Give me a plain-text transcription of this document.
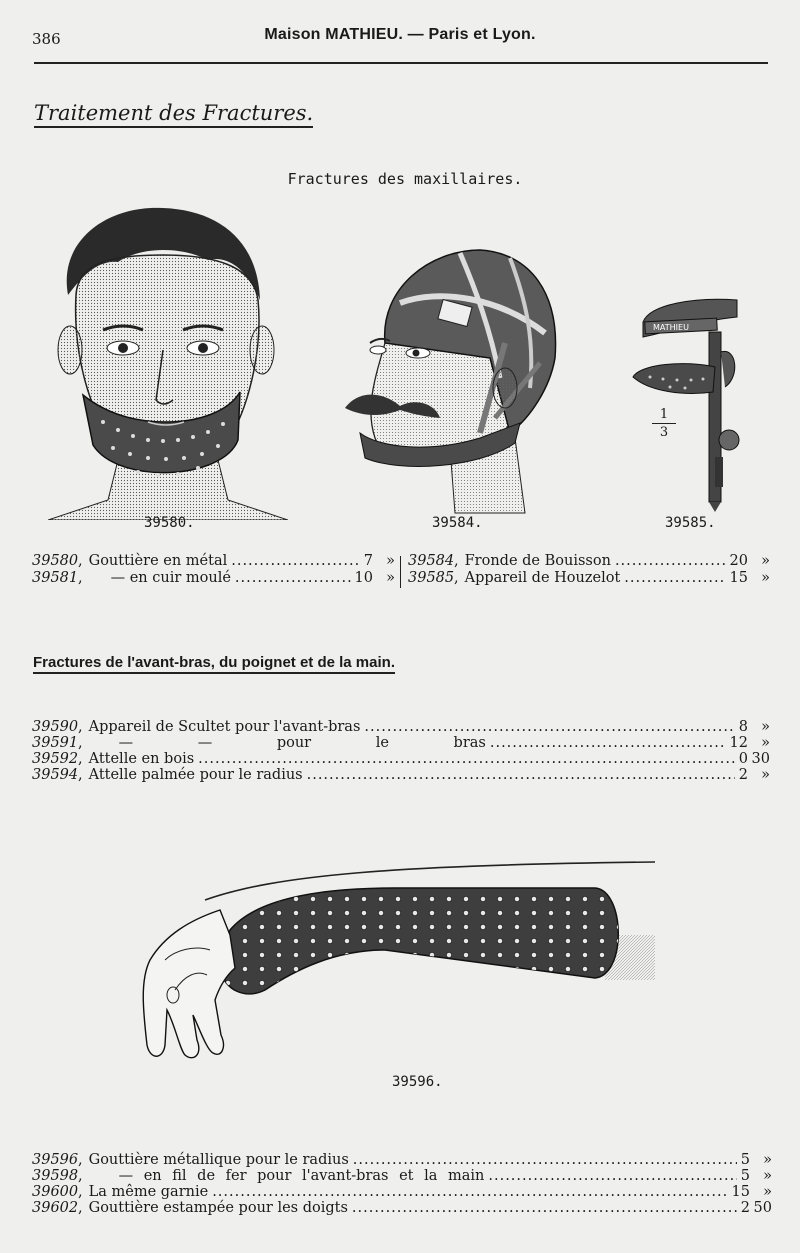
386	Maison MATHIEU. — Paris et Lyon.
Traitement des Fractures.
Fractures des maxillaires.
39580.	39584.
MATHIEU
1
3
39585.
39580 , Gouttière en métal .....	7 »
39581 ,	— en cuir moulé .....	10 »
39584 , Fronde de Bouisson .....	20 »
39585 , Appareil de Houzelot .....	15 »
Fractures de l'avant-bras, du poignet et de la main.
39590 , Appareil de Scultet pour l'avant-bras .....	8 »
39591 ,	— — pour le bras .....	12 »
39592 , Attelle en bois .....	0 30
39594 , Attelle palmée pour le radius .....	2 »
39596.
39596 , Gouttière métallique pour le radius .....	5 »
39598 ,	— en fil de fer pour l'avant-bras et la main .....	5 »
39600 , La même garnie .....	15 »
39602 , Gouttière estampée pour les doigts .....	2 50
